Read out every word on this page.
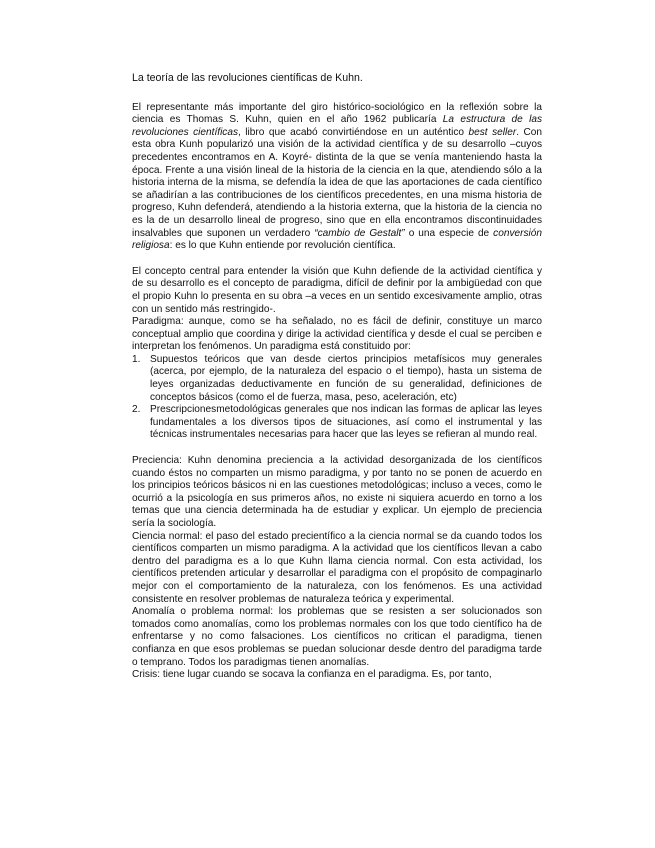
La teoría de las revoluciones científicas de Kuhn.

El representante más importante del giro histórico-sociológico en la reflexión sobre la ciencia es Thomas S. Kuhn, quien en el año 1962 publicaría La estructura de las revoluciones científicas, libro que acabó convirtiéndose en un auténtico best seller. Con esta obra Kunh popularizó una visión de la actividad científica y de su desarrollo –cuyos precedentes encontramos en A. Koyré- distinta de la que se venía manteniendo hasta la época. Frente a una visión lineal de la historia de la ciencia en la que, atendiendo sólo a la historia interna de la misma, se defendía la idea de que las aportaciones de cada científico se añadirían a las contribuciones de los científicos precedentes, en una misma historia de progreso, Kuhn defenderá, atendiendo a la historia externa, que la historia de la ciencia no es la de un desarrollo lineal de progreso, sino que en ella encontramos discontinuidades insalvables que suponen un verdadero “cambio de Gestalt” o una especie de conversión religiosa: es lo que Kuhn entiende por revolución científica.

El concepto central para entender la visión que Kuhn defiende de la actividad científica y de su desarrollo es el concepto de paradigma, difícil de definir por la ambigüedad con que el propio Kuhn lo presenta en su obra –a veces en un sentido excesivamente amplio, otras con un sentido más restringido-.

Paradigma: aunque, como se ha señalado, no es fácil de definir, constituye un marco conceptual amplio que coordina y dirige la actividad científica y desde el cual se perciben e interpretan los fenómenos. Un paradigma está constituido por:

1. Supuestos teóricos que van desde ciertos principios metafísicos muy generales (acerca, por ejemplo, de la naturaleza del espacio o el tiempo), hasta un sistema de leyes organizadas deductivamente en función de su generalidad, definiciones de conceptos básicos (como el de fuerza, masa, peso, aceleración, etc)
2. Prescripcionesmetodológicas generales que nos indican las formas de aplicar las leyes fundamentales a los diversos tipos de situaciones, así como el instrumental y las técnicas instrumentales necesarias para hacer que las leyes se refieran al mundo real.

Preciencia: Kuhn denomina preciencia a la actividad desorganizada de los científicos cuando éstos no comparten un mismo paradigma, y por tanto no se ponen de acuerdo en los principios teóricos básicos ni en las cuestiones metodológicas; incluso a veces, como le ocurrió a la psicología en sus primeros años, no existe ni siquiera acuerdo en torno a los temas que una ciencia determinada ha de estudiar y explicar. Un ejemplo de preciencia sería la sociología.

Ciencia normal: el paso del estado precientífico a la ciencia normal se da cuando todos los científicos comparten un mismo paradigma. A la actividad que los científicos llevan a cabo dentro del paradigma es a lo que Kuhn llama ciencia normal. Con esta actividad, los científicos pretenden articular y desarrollar el paradigma con el propósito de compaginarlo mejor con el comportamiento de la naturaleza, con los fenómenos. Es una actividad consistente en resolver problemas de naturaleza teórica y experimental.

Anomalía o problema normal: los problemas que se resisten a ser solucionados son tomados como anomalías, como los problemas normales con los que todo científico ha de enfrentarse y no como falsaciones. Los científicos no critican el paradigma, tienen confianza en que esos problemas se puedan solucionar desde dentro del paradigma tarde o temprano. Todos los paradigmas tienen anomalías.

Crisis: tiene lugar cuando se socava la confianza en el paradigma. Es, por tanto,
